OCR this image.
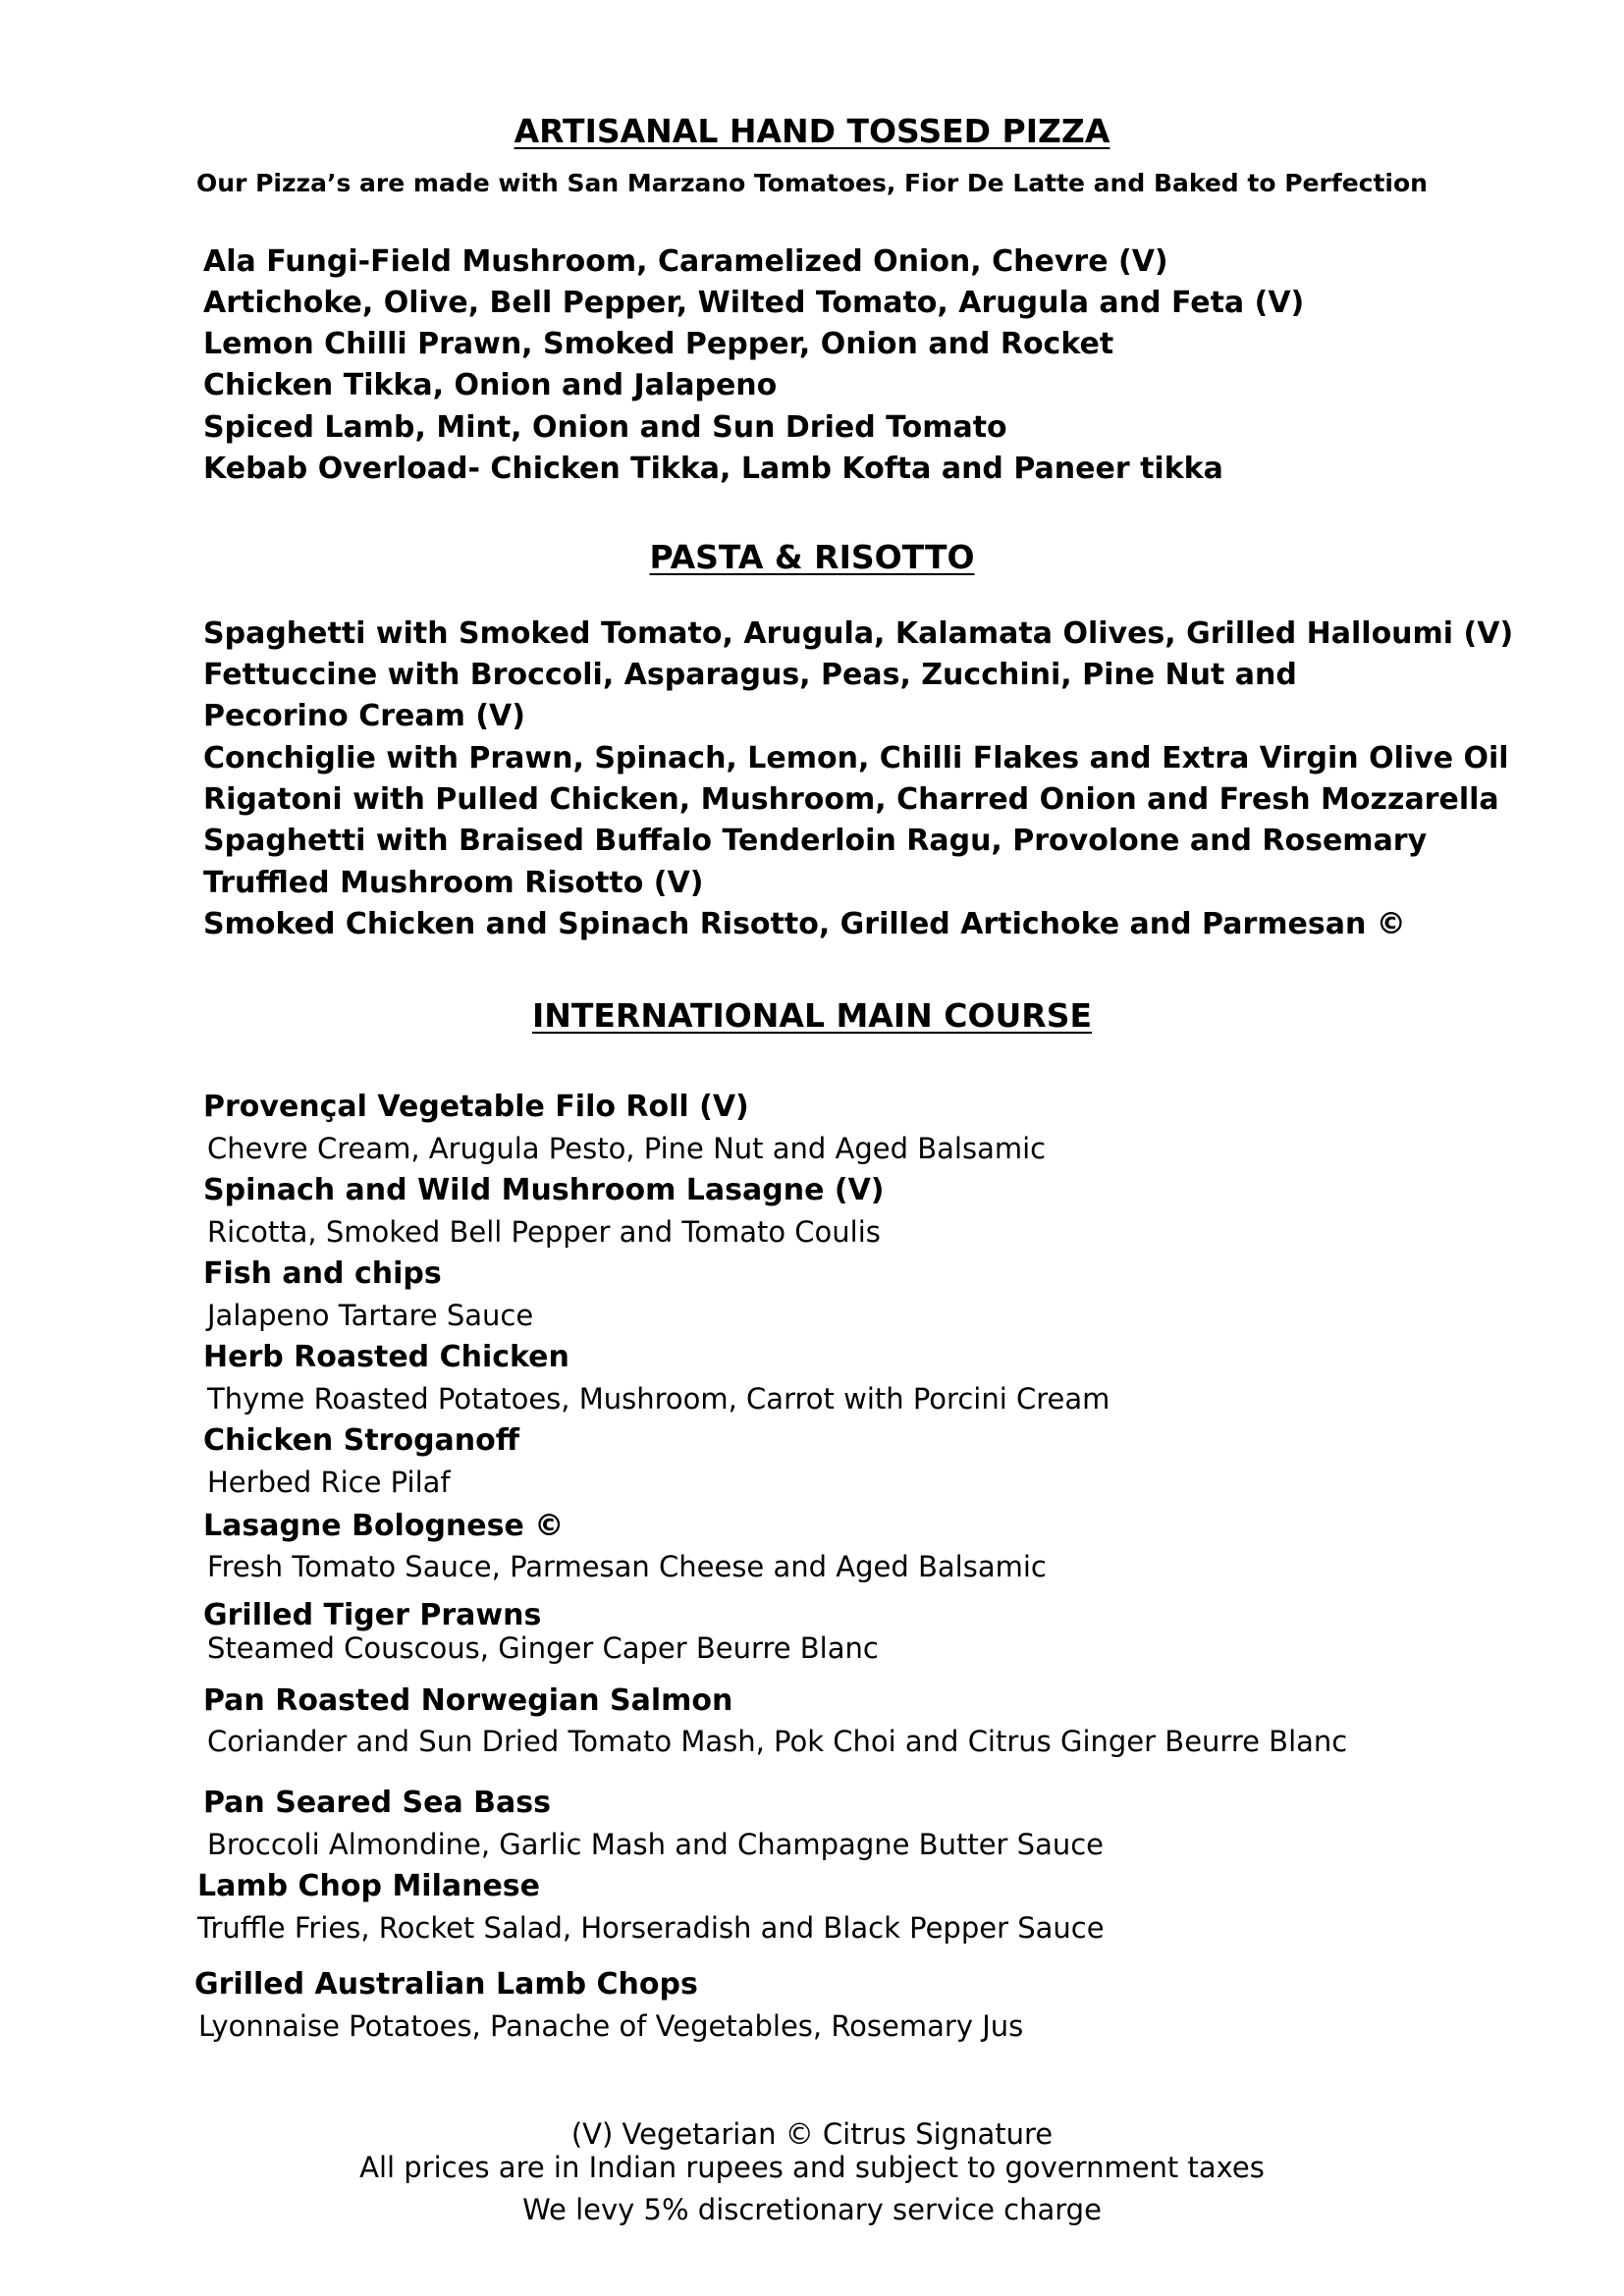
ARTISANAL HAND TOSSED PIZZA
Our Pizza’s are made with San Marzano Tomatoes, Fior De Latte and Baked to Perfection
Ala Fungi-Field Mushroom, Caramelized Onion, Chevre (V)
Artichoke, Olive, Bell Pepper, Wilted Tomato, Arugula and Feta (V)
Lemon Chilli Prawn, Smoked Pepper, Onion and Rocket
Chicken Tikka, Onion and Jalapeno
Spiced Lamb, Mint, Onion and Sun Dried Tomato
Kebab Overload- Chicken Tikka, Lamb Kofta and Paneer tikka
PASTA & RISOTTO
Spaghetti with Smoked Tomato, Arugula, Kalamata Olives, Grilled Halloumi (V)
Fettuccine with Broccoli, Asparagus, Peas, Zucchini, Pine Nut and
Pecorino Cream (V)
Conchiglie with Prawn, Spinach, Lemon, Chilli Flakes and Extra Virgin Olive Oil
Rigatoni with Pulled Chicken, Mushroom, Charred Onion and Fresh Mozzarella
Spaghetti with Braised Buffalo Tenderloin Ragu, Provolone and Rosemary
Truffled Mushroom Risotto (V)
Smoked Chicken and Spinach Risotto, Grilled Artichoke and Parmesan ©
INTERNATIONAL MAIN COURSE
Provençal Vegetable Filo Roll (V)
Chevre Cream, Arugula Pesto, Pine Nut and Aged Balsamic
Spinach and Wild Mushroom Lasagne (V)
Ricotta, Smoked Bell Pepper and Tomato Coulis
Fish and chips
Jalapeno Tartare Sauce
Herb Roasted Chicken
Thyme Roasted Potatoes, Mushroom, Carrot with Porcini Cream
Chicken Stroganoff
Herbed Rice Pilaf
Lasagne Bolognese ©
Fresh Tomato Sauce, Parmesan Cheese and Aged Balsamic
Grilled Tiger Prawns
Steamed Couscous, Ginger Caper Beurre Blanc
Pan Roasted Norwegian Salmon
Coriander and Sun Dried Tomato Mash, Pok Choi and Citrus Ginger Beurre Blanc
Pan Seared Sea Bass
Broccoli Almondine, Garlic Mash and Champagne Butter Sauce
Lamb Chop Milanese
Truffle Fries, Rocket Salad, Horseradish and Black Pepper Sauce
Grilled Australian Lamb Chops
Lyonnaise Potatoes, Panache of Vegetables, Rosemary Jus
(V) Vegetarian © Citrus Signature
All prices are in Indian rupees and subject to government taxes
We levy 5% discretionary service charge
